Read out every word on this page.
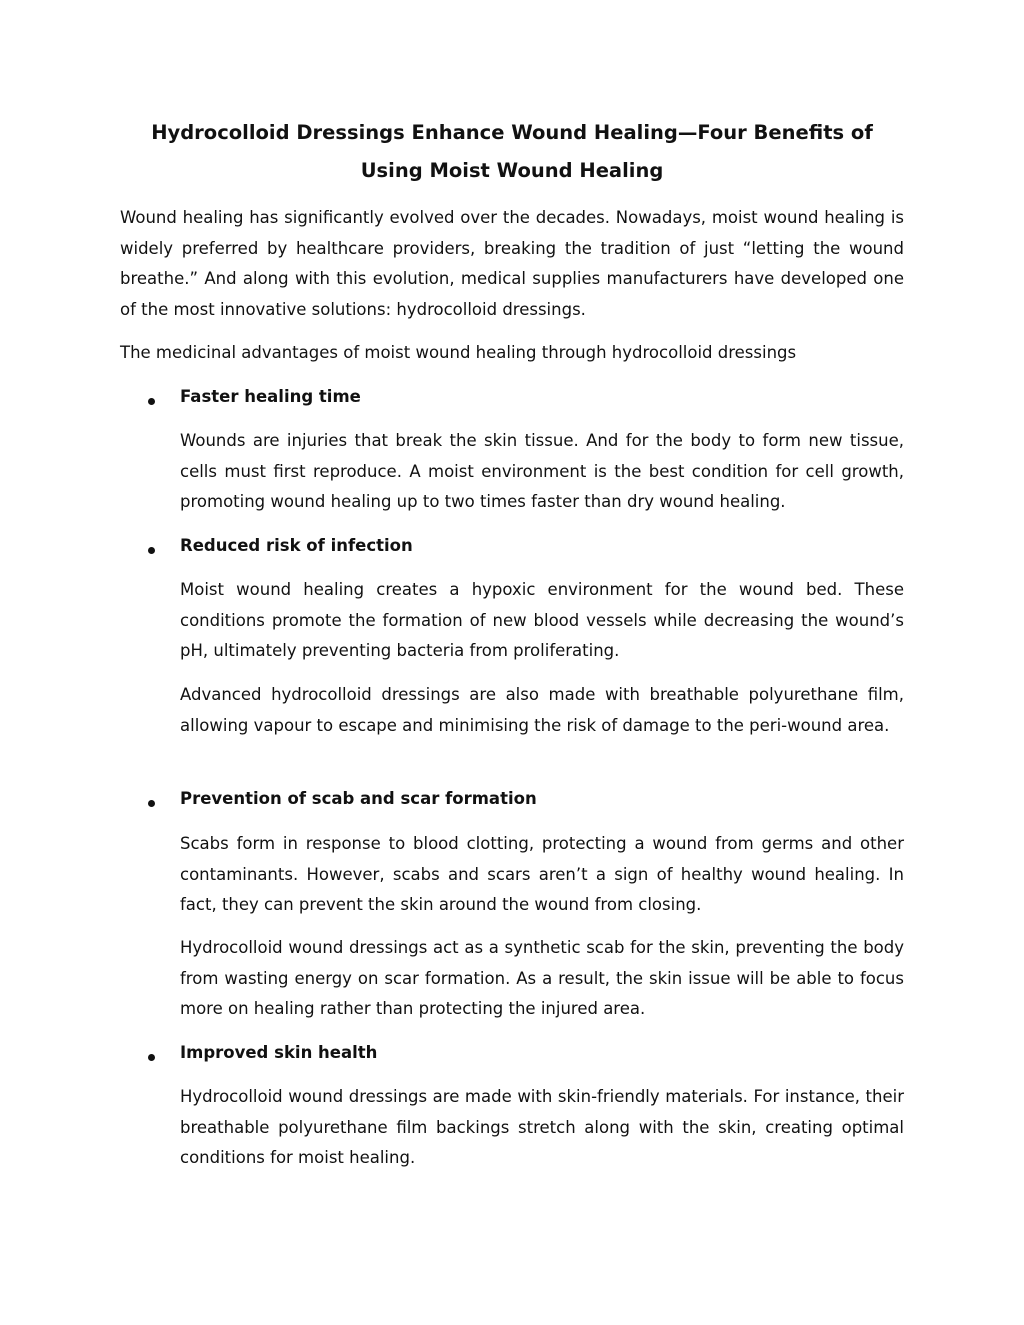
Hydrocolloid Dressings Enhance Wound Healing—Four Benefits of Using Moist Wound Healing

Wound healing has significantly evolved over the decades. Nowadays, moist wound healing is widely preferred by healthcare providers, breaking the tradition of just “letting the wound breathe.” And along with this evolution, medical supplies manufacturers have developed one of the most innovative solutions: hydrocolloid dressings.

The medicinal advantages of moist wound healing through hydrocolloid dressings

Faster healing time

Wounds are injuries that break the skin tissue. And for the body to form new tissue, cells must first reproduce. A moist environment is the best condition for cell growth, promoting wound healing up to two times faster than dry wound healing.

Reduced risk of infection

Moist wound healing creates a hypoxic environment for the wound bed. These conditions promote the formation of new blood vessels while decreasing the wound’s pH, ultimately preventing bacteria from proliferating.

Advanced hydrocolloid dressings are also made with breathable polyurethane film, allowing vapour to escape and minimising the risk of damage to the peri-wound area.

Prevention of scab and scar formation

Scabs form in response to blood clotting, protecting a wound from germs and other contaminants. However, scabs and scars aren’t a sign of healthy wound healing. In fact, they can prevent the skin around the wound from closing.

Hydrocolloid wound dressings act as a synthetic scab for the skin, preventing the body from wasting energy on scar formation. As a result, the skin issue will be able to focus more on healing rather than protecting the injured area.

Improved skin health

Hydrocolloid wound dressings are made with skin-friendly materials. For instance, their breathable polyurethane film backings stretch along with the skin, creating optimal conditions for moist healing.
